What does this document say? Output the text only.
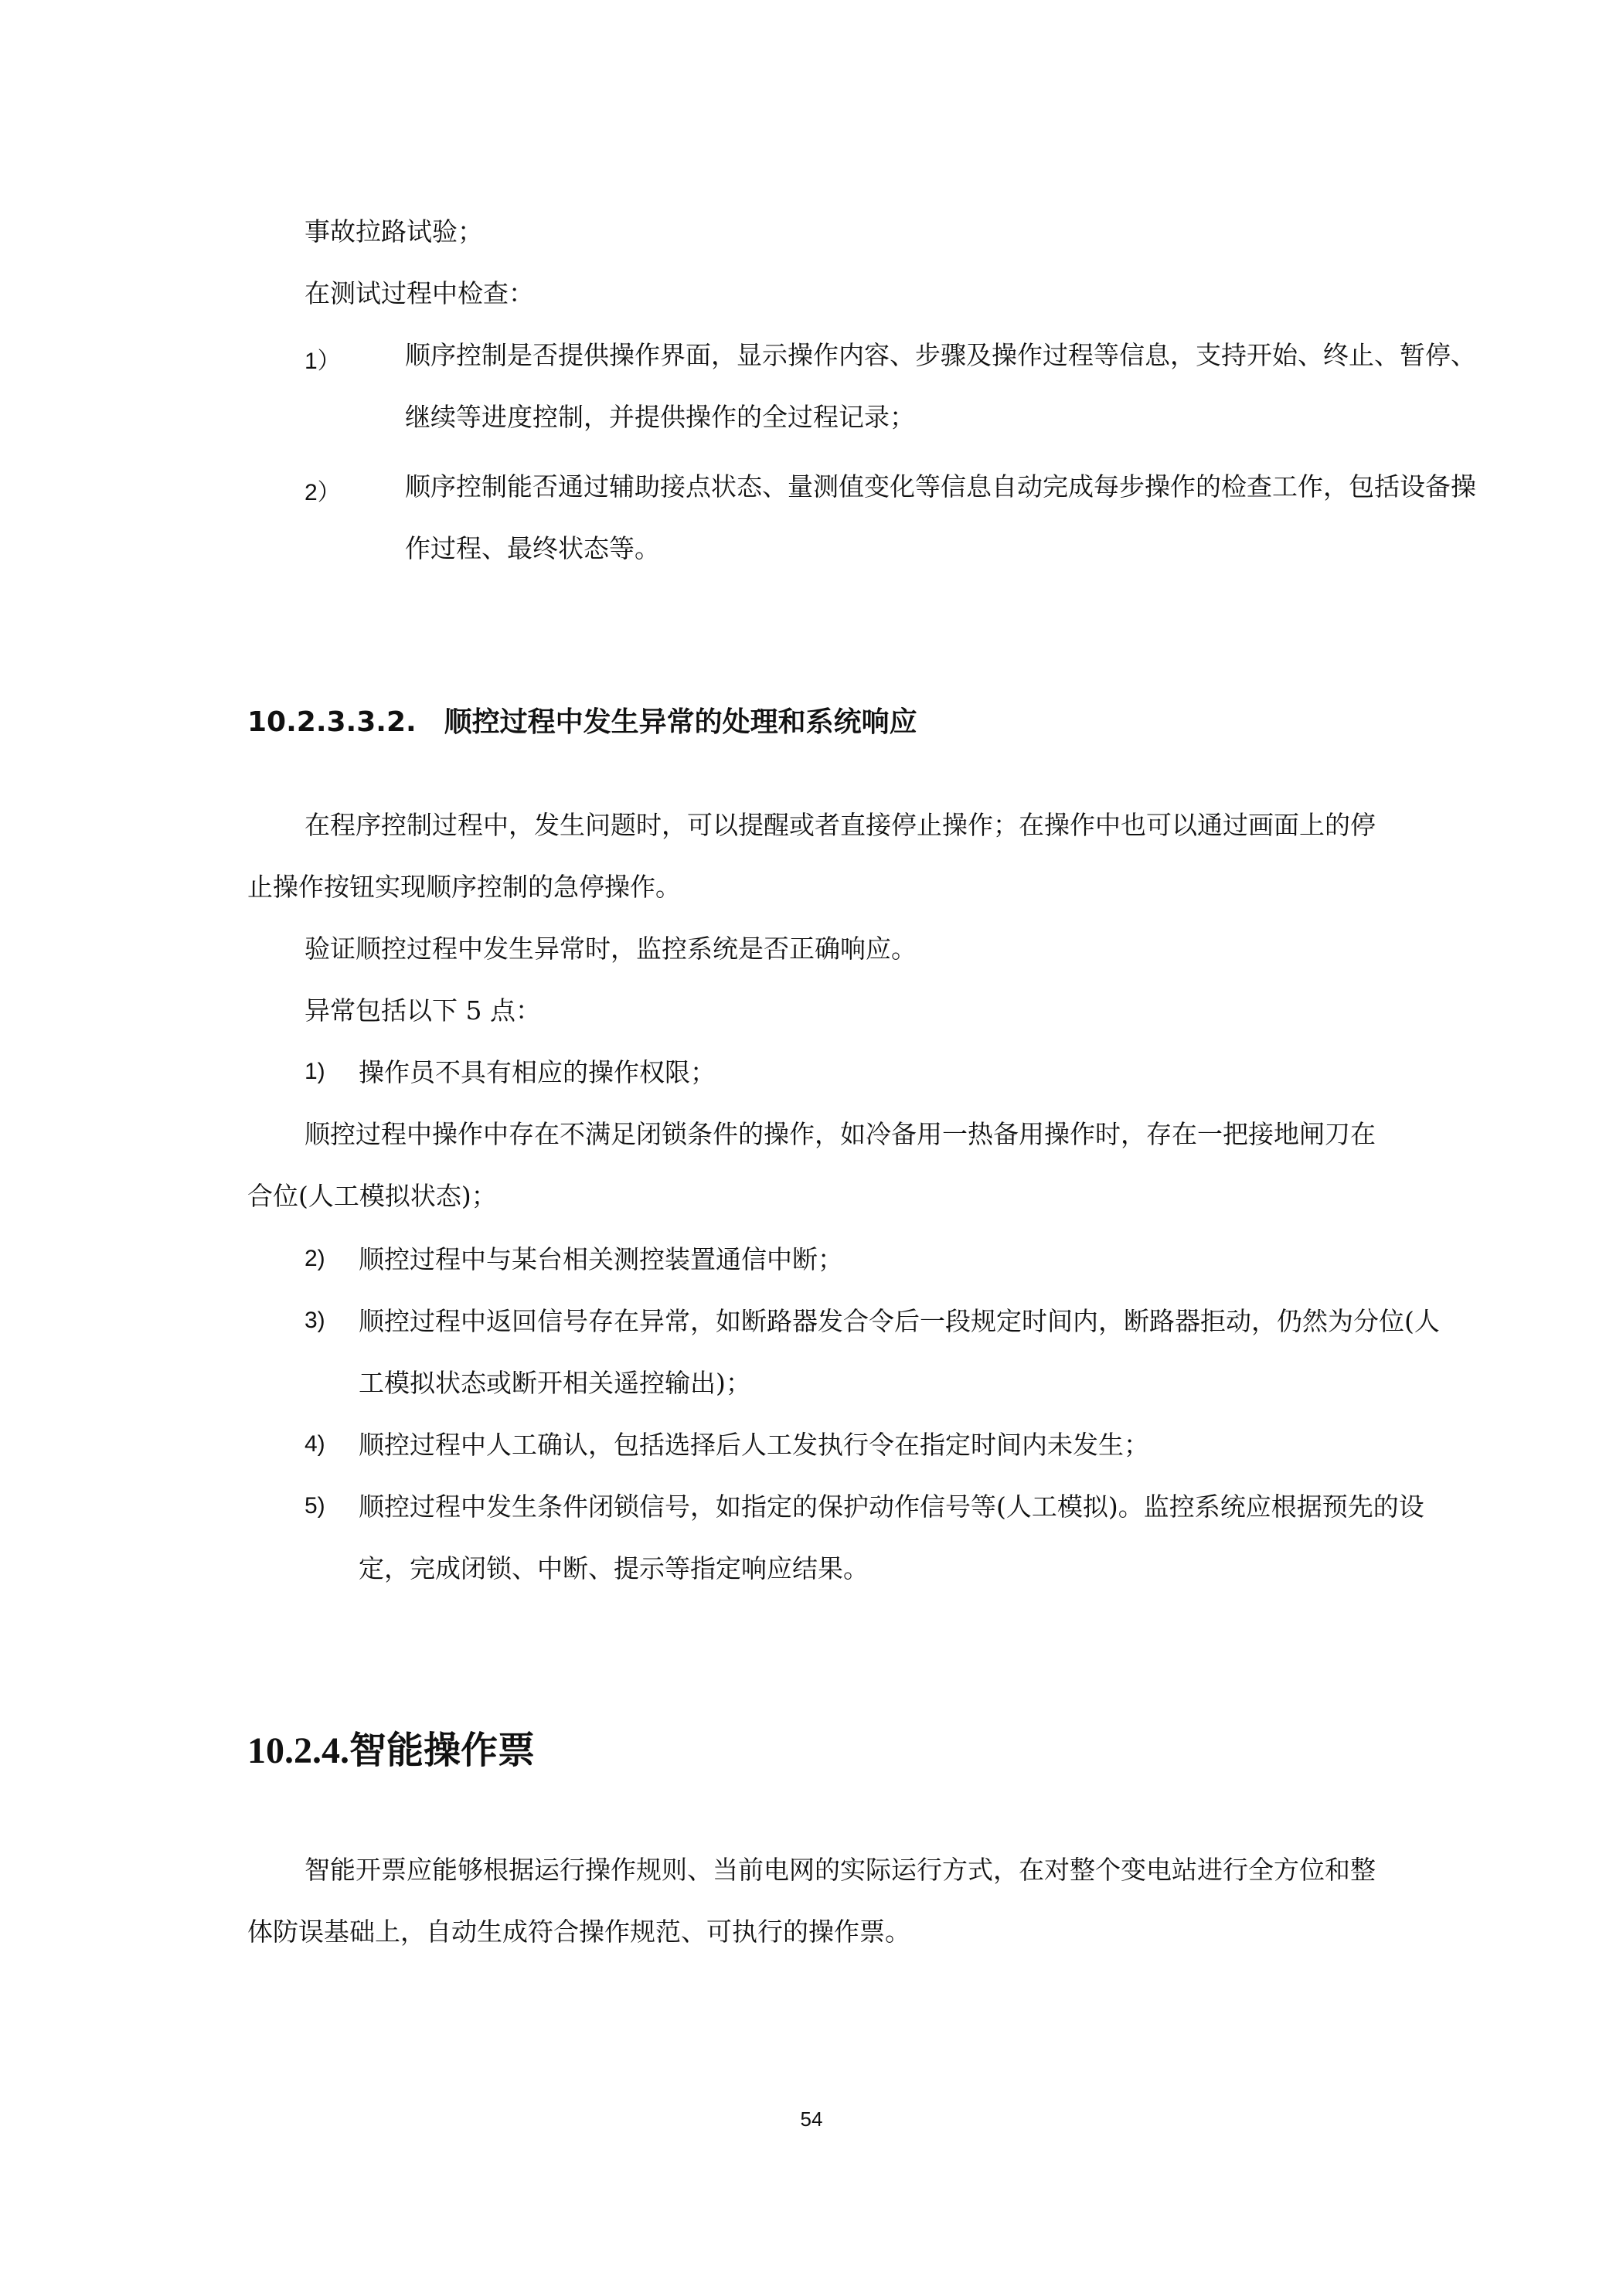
事故拉路试验；

在测试过程中检查：

1）	顺序控制是否提供操作界面，显示操作内容、步骤及操作过程等信息，支持开始、终止、暂停、继续等进度控制，并提供操作的全过程记录；

2）	顺序控制能否通过辅助接点状态、量测值变化等信息自动完成每步操作的检查工作，包括设备操作过程、最终状态等。

10.2.3.3.2. 顺控过程中发生异常的处理和系统响应

在程序控制过程中，发生问题时，可以提醒或者直接停止操作；在操作中也可以通过画面上的停止操作按钮实现顺序控制的急停操作。

验证顺控过程中发生异常时，监控系统是否正确响应。

异常包括以下 5 点：

1) 操作员不具有相应的操作权限；

顺控过程中操作中存在不满足闭锁条件的操作，如冷备用一热备用操作时，存在一把接地闸刀在合位(人工模拟状态)；

2) 顺控过程中与某台相关测控装置通信中断；

3) 顺控过程中返回信号存在异常，如断路器发合令后一段规定时间内，断路器拒动，仍然为分位(人工模拟状态或断开相关遥控输出)；

4) 顺控过程中人工确认，包括选择后人工发执行令在指定时间内未发生；

5) 顺控过程中发生条件闭锁信号，如指定的保护动作信号等(人工模拟)。监控系统应根据预先的设定，完成闭锁、中断、提示等指定响应结果。

10.2.4.智能操作票

智能开票应能够根据运行操作规则、当前电网的实际运行方式，在对整个变电站进行全方位和整体防误基础上，自动生成符合操作规范、可执行的操作票。

54
